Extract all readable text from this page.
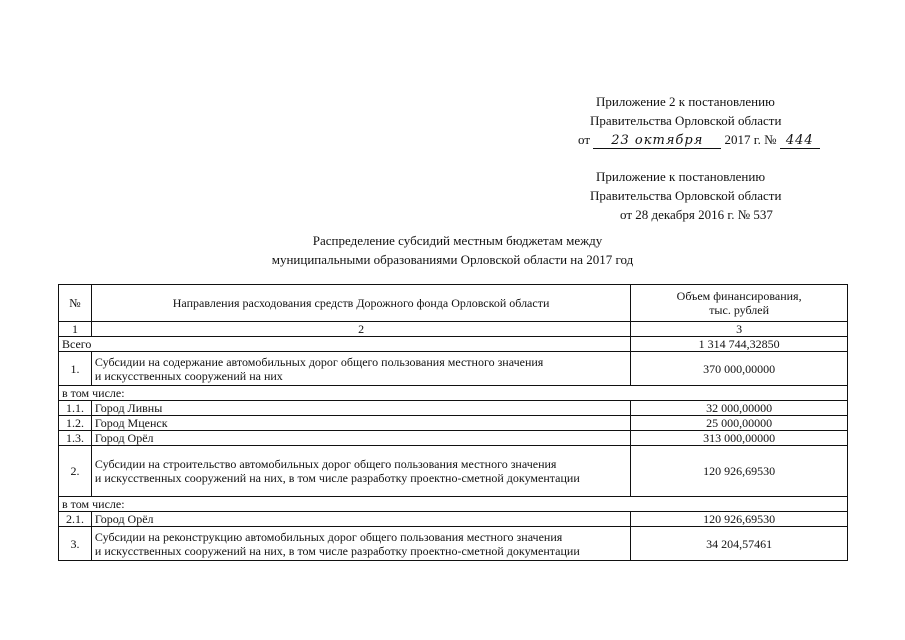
Приложение 2 к постановлению
Правительства Орловской области
от 23 октября 2017 г. № 444
Приложение к постановлению
Правительства Орловской области
от 28 декабря 2016 г. № 537
Распределение субсидий местным бюджетам между
муниципальными образованиями Орловской области на 2017 год
№	Направления расходования средств Дорожного фонда Орловской области	Объем финансирования,
тыс. рублей

1	2	3
Всего		1 314 744,32850
1.	Субсидии на содержание автомобильных дорог общего пользования местного значения
и искусственных сооружений на них	370 000,00000
в том числе:		
1.1.	Город Ливны	32 000,00000
1.2.	Город Мценск	25 000,00000
1.3.	Город Орёл	313 000,00000
2.	Субсидии на строительство автомобильных дорог общего пользования местного значения
и искусственных сооружений на них, в том числе разработку проектно-сметной документации	120 926,69530
в том числе:		
2.1.	Город Орёл	120 926,69530
3.	Субсидии на реконструкцию автомобильных дорог общего пользования местного значения
и искусственных сооружений на них, в том числе разработку проектно-сметной документации	34 204,57461
